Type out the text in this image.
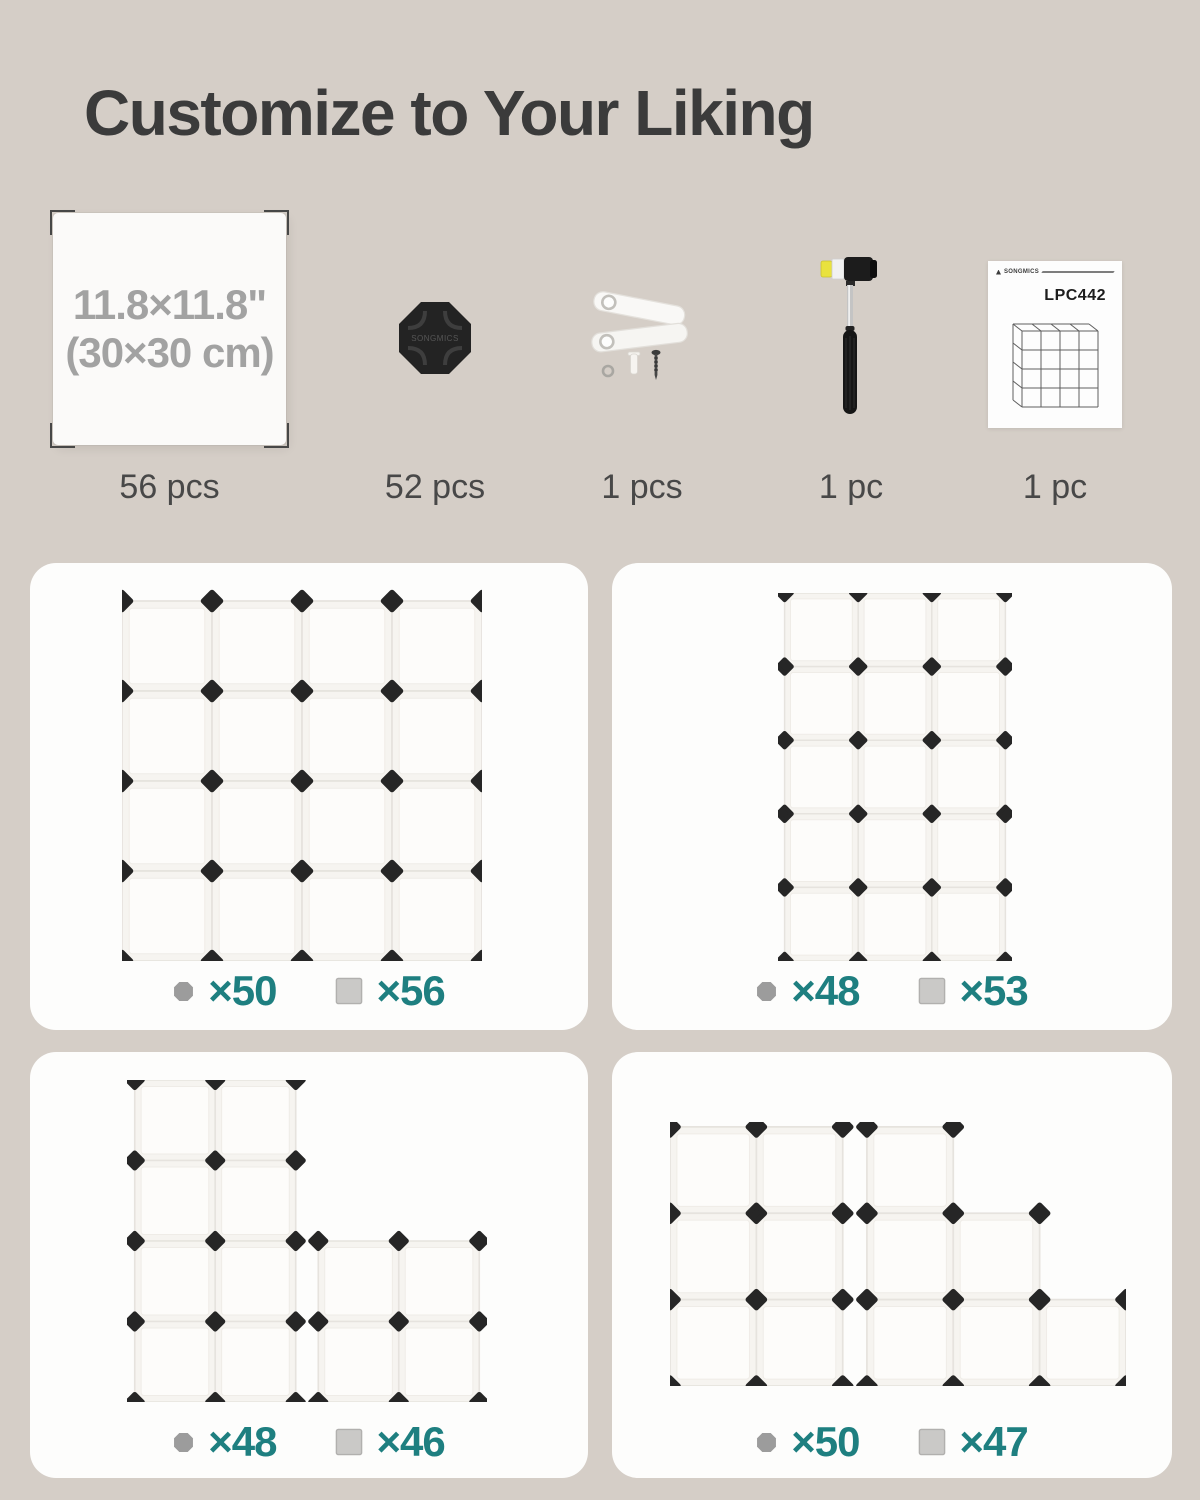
Customize to Your Liking
11.8×11.8"
(30×30 cm)	SONGMICS
SONGMICS
LPC442
56 pcs	52 pcs	1 pcs	1 pc	1 pc
×50 ×56	×48 ×53
×48 ×46	×50 ×47
